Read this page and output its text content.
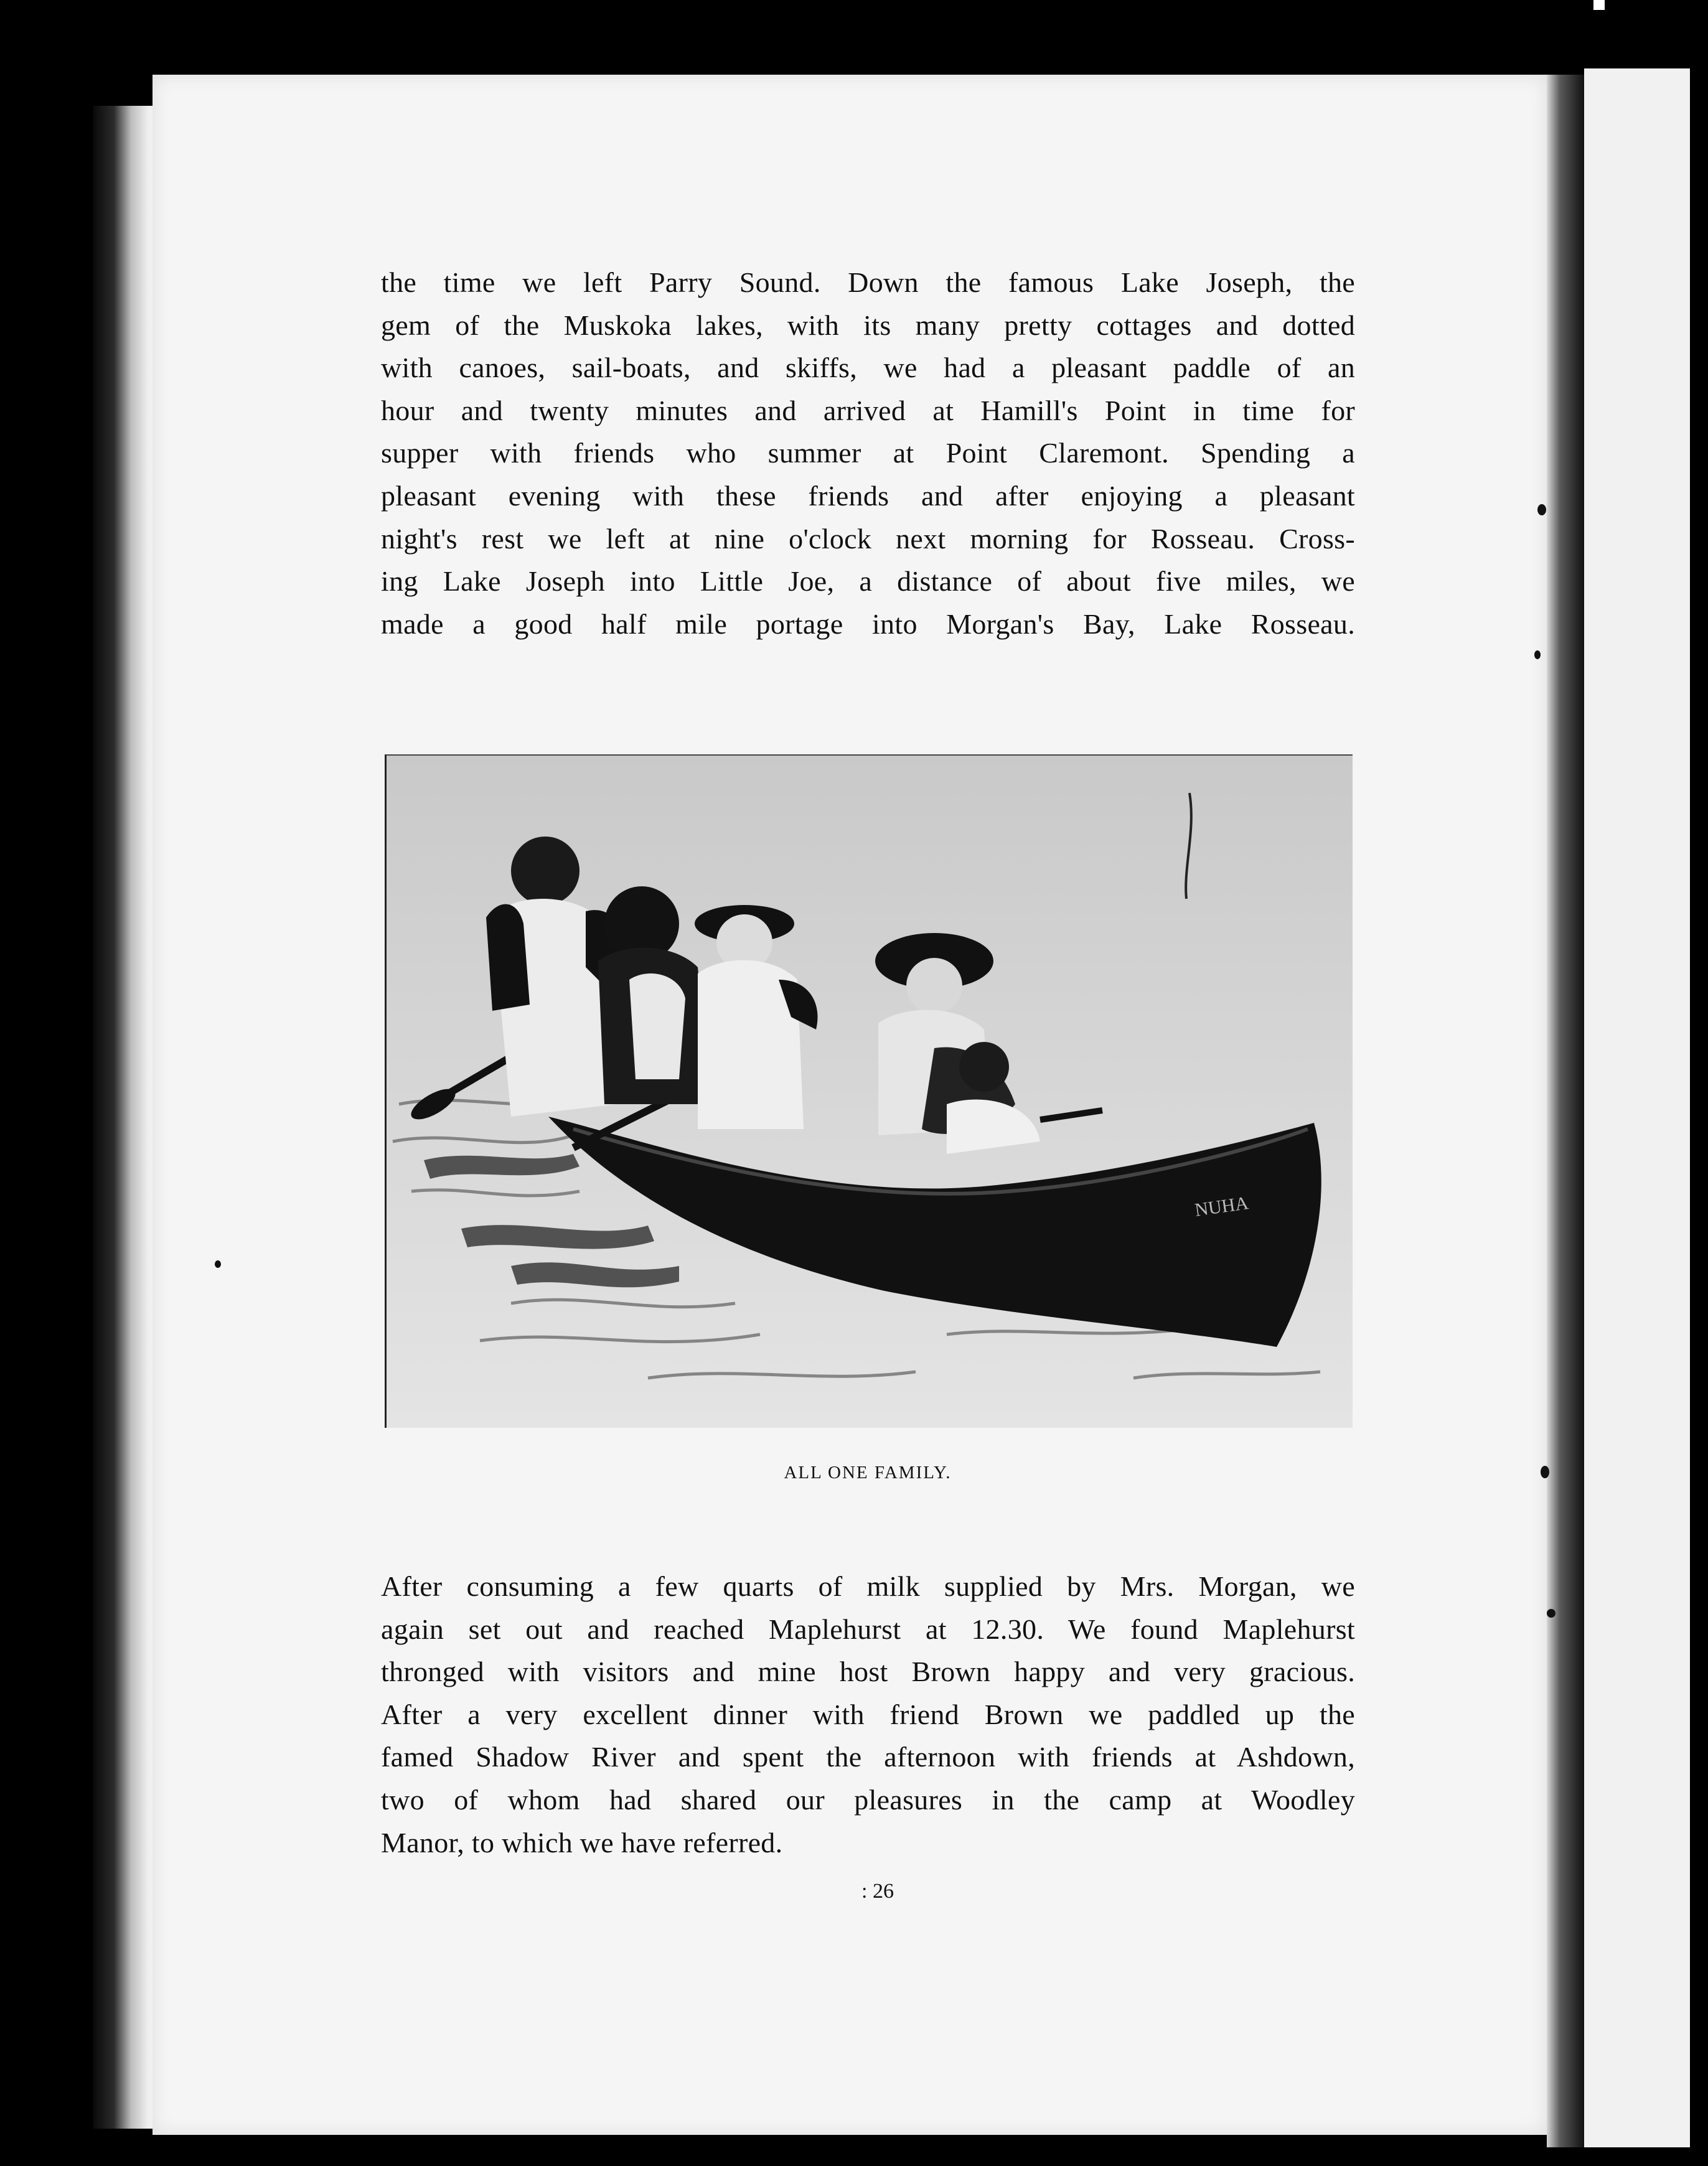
the time we left Parry Sound. Down the famous Lake Joseph, the
gem of the Muskoka lakes, with its many pretty cottages and dotted
with canoes, sail-boats, and skiffs, we had a pleasant paddle of an
hour and twenty minutes and arrived at Hamill's Point in time for
supper with friends who summer at Point Claremont. Spending a
pleasant evening with these friends and after enjoying a pleasant
night's rest we left at nine o'clock next morning for Rosseau. Cross-
ing Lake Joseph into Little Joe, a distance of about five miles, we
made a good half mile portage into Morgan's Bay, Lake Rosseau.
NUHA
ALL ONE FAMILY.
After consuming a few quarts of milk supplied by Mrs. Morgan, we
again set out and reached Maplehurst at 12.30. We found Maplehurst
thronged with visitors and mine host Brown happy and very gracious.
After a very excellent dinner with friend Brown we paddled up the
famed Shadow River and spent the afternoon with friends at Ashdown,
two of whom had shared our pleasures in the camp at Woodley
Manor, to which we have referred.
: 26
